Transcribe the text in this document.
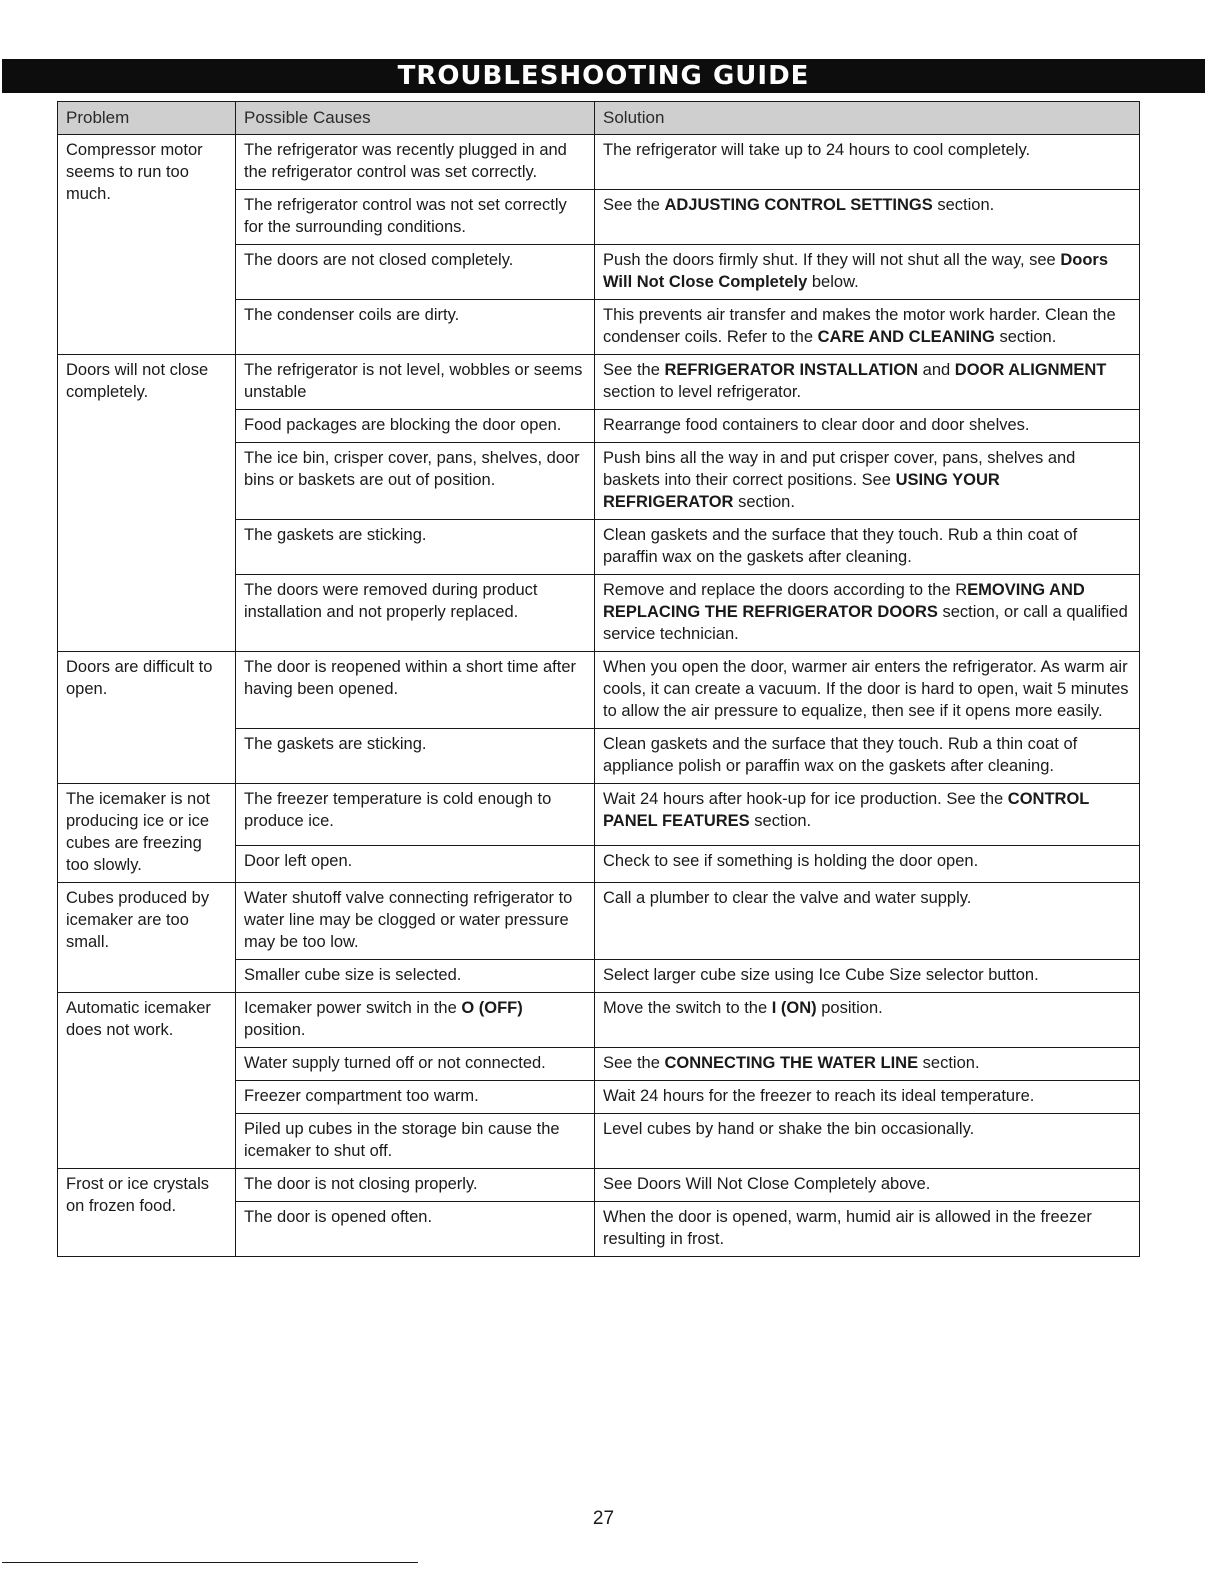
TROUBLESHOOTING GUIDE
Problem	Possible Causes	Solution
Compressor motor seems to run too much.	The refrigerator was recently plugged in and the refrigerator control was set correctly.	The refrigerator will take up to 24 hours to cool completely.
	The refrigerator control was not set correctly for the surrounding conditions.	See the ADJUSTING CONTROL SETTINGS section.
	The doors are not closed completely.	Push the doors firmly shut. If they will not shut all the way, see Doors Will Not Close Completely below.
	The condenser coils are dirty.	This prevents air transfer and makes the motor work harder. Clean the condenser coils. Refer to the CARE AND CLEANING section.
Doors will not close completely.	The refrigerator is not level, wobbles or seems unstable	See the REFRIGERATOR INSTALLATION and DOOR ALIGNMENT section to level refrigerator.
	Food packages are blocking the door open.	Rearrange food containers to clear door and door shelves.
	The ice bin, crisper cover, pans, shelves, door bins or baskets are out of position.	Push bins all the way in and put crisper cover, pans, shelves and baskets into their correct positions. See USING YOUR REFRIGERATOR section.
	The gaskets are sticking.	Clean gaskets and the surface that they touch. Rub a thin coat of paraffin wax on the gaskets after cleaning.
	The doors were removed during product installation and not properly replaced.	Remove and replace the doors according to the REMOVING AND REPLACING THE REFRIGERATOR DOORS section, or call a qualified service technician.
Doors are difficult to open.	The door is reopened within a short time after having been opened.	When you open the door, warmer air enters the refrigerator. As warm air cools, it can create a vacuum. If the door is hard to open, wait 5 minutes to allow the air pressure to equalize, then see if it opens more easily.
	The gaskets are sticking.	Clean gaskets and the surface that they touch. Rub a thin coat of appliance polish or paraffin wax on the gaskets after cleaning.
The icemaker is not producing ice or ice cubes are freezing too slowly.	The freezer temperature is cold enough to produce ice.	Wait 24 hours after hook-up for ice production. See the CONTROL PANEL FEATURES section.
	Door left open.	Check to see if something is holding the door open.
Cubes produced by icemaker are too small.	Water shutoff valve connecting refrigerator to water line may be clogged or water pressure may be too low.	Call a plumber to clear the valve and water supply.
	Smaller cube size is selected.	Select larger cube size using Ice Cube Size selector button.
Automatic icemaker does not work.	Icemaker power switch in the O (OFF) position.	Move the switch to the I (ON) position.
	Water supply turned off or not connected.	See the CONNECTING THE WATER LINE section.
	Freezer compartment too warm.	Wait 24 hours for the freezer to reach its ideal temperature.
	Piled up cubes in the storage bin cause the icemaker to shut off.	Level cubes by hand or shake the bin occasionally.
Frost or ice crystals on frozen food.	The door is not closing properly.	See Doors Will Not Close Completely above.
	The door is opened often.	When the door is opened, warm, humid air is allowed in the freezer resulting in frost.
27
